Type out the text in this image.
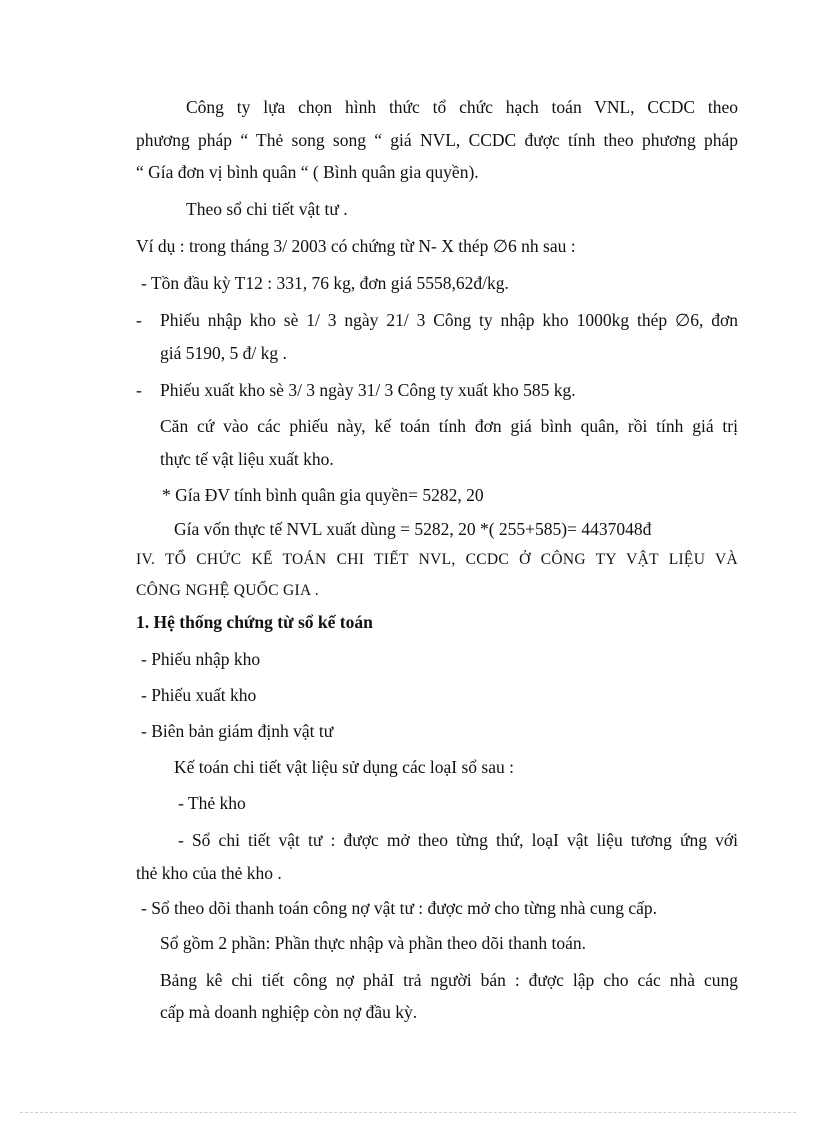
Công ty lựa chọn hình thức tổ chức hạch toán VNL, CCDC theo
phương pháp “ Thẻ song song “ giá NVL, CCDC được tính theo phương pháp
“ Gía đơn vị bình quân “ ( Bình quân gia quyền).
Theo sổ chi tiết vật tư .
Ví dụ : trong tháng 3/ 2003 có chứng từ N- X thép ∅6 nh sau :
- Tồn đầu kỳ T12 : 331, 76 kg, đơn giá 5558,62đ/kg.
- Phiếu nhập kho sè 1/ 3 ngày 21/ 3 Công ty nhập kho 1000kg thép ∅6, đơn
giá 5190, 5 đ/ kg .
- Phiếu xuất kho sè 3/ 3 ngày 31/ 3 Công ty xuất kho 585 kg.
Căn cứ vào các phiếu này, kế toán tính đơn giá bình quân, rồi tính giá trị
thực tế vật liệu xuất kho.
* Gía ĐV tính bình quân gia quyền= 5282, 20
Gía vốn thực tế NVL xuất dùng = 5282, 20 *( 255+585)= 4437048đ
IV. TỔ CHỨC KẾ TOÁN CHI TIẾT NVL, CCDC Ở CÔNG TY VẬT LIỆU VÀ
CÔNG NGHỆ QUỐC GIA .
1. Hệ thống chứng từ sổ kế toán
- Phiếu nhập kho
- Phiếu xuất kho
- Biên bản giám định vật tư
Kế toán chi tiết vật liệu sử dụng các loạI sổ sau :
- Thẻ kho
- Sổ chi tiết vật tư : được mở theo từng thứ, loạI vật liệu tương ứng với
thẻ kho của thẻ kho .
- Sổ theo dõi thanh toán công nợ vật tư : được mở cho từng nhà cung cấp.
Sổ gồm 2 phần: Phần thực nhập và phần theo dõi thanh toán.
Bảng kê chi tiết công nợ phảI trả người bán : được lập cho các nhà cung
cấp mà doanh nghiệp còn nợ đầu kỳ.
